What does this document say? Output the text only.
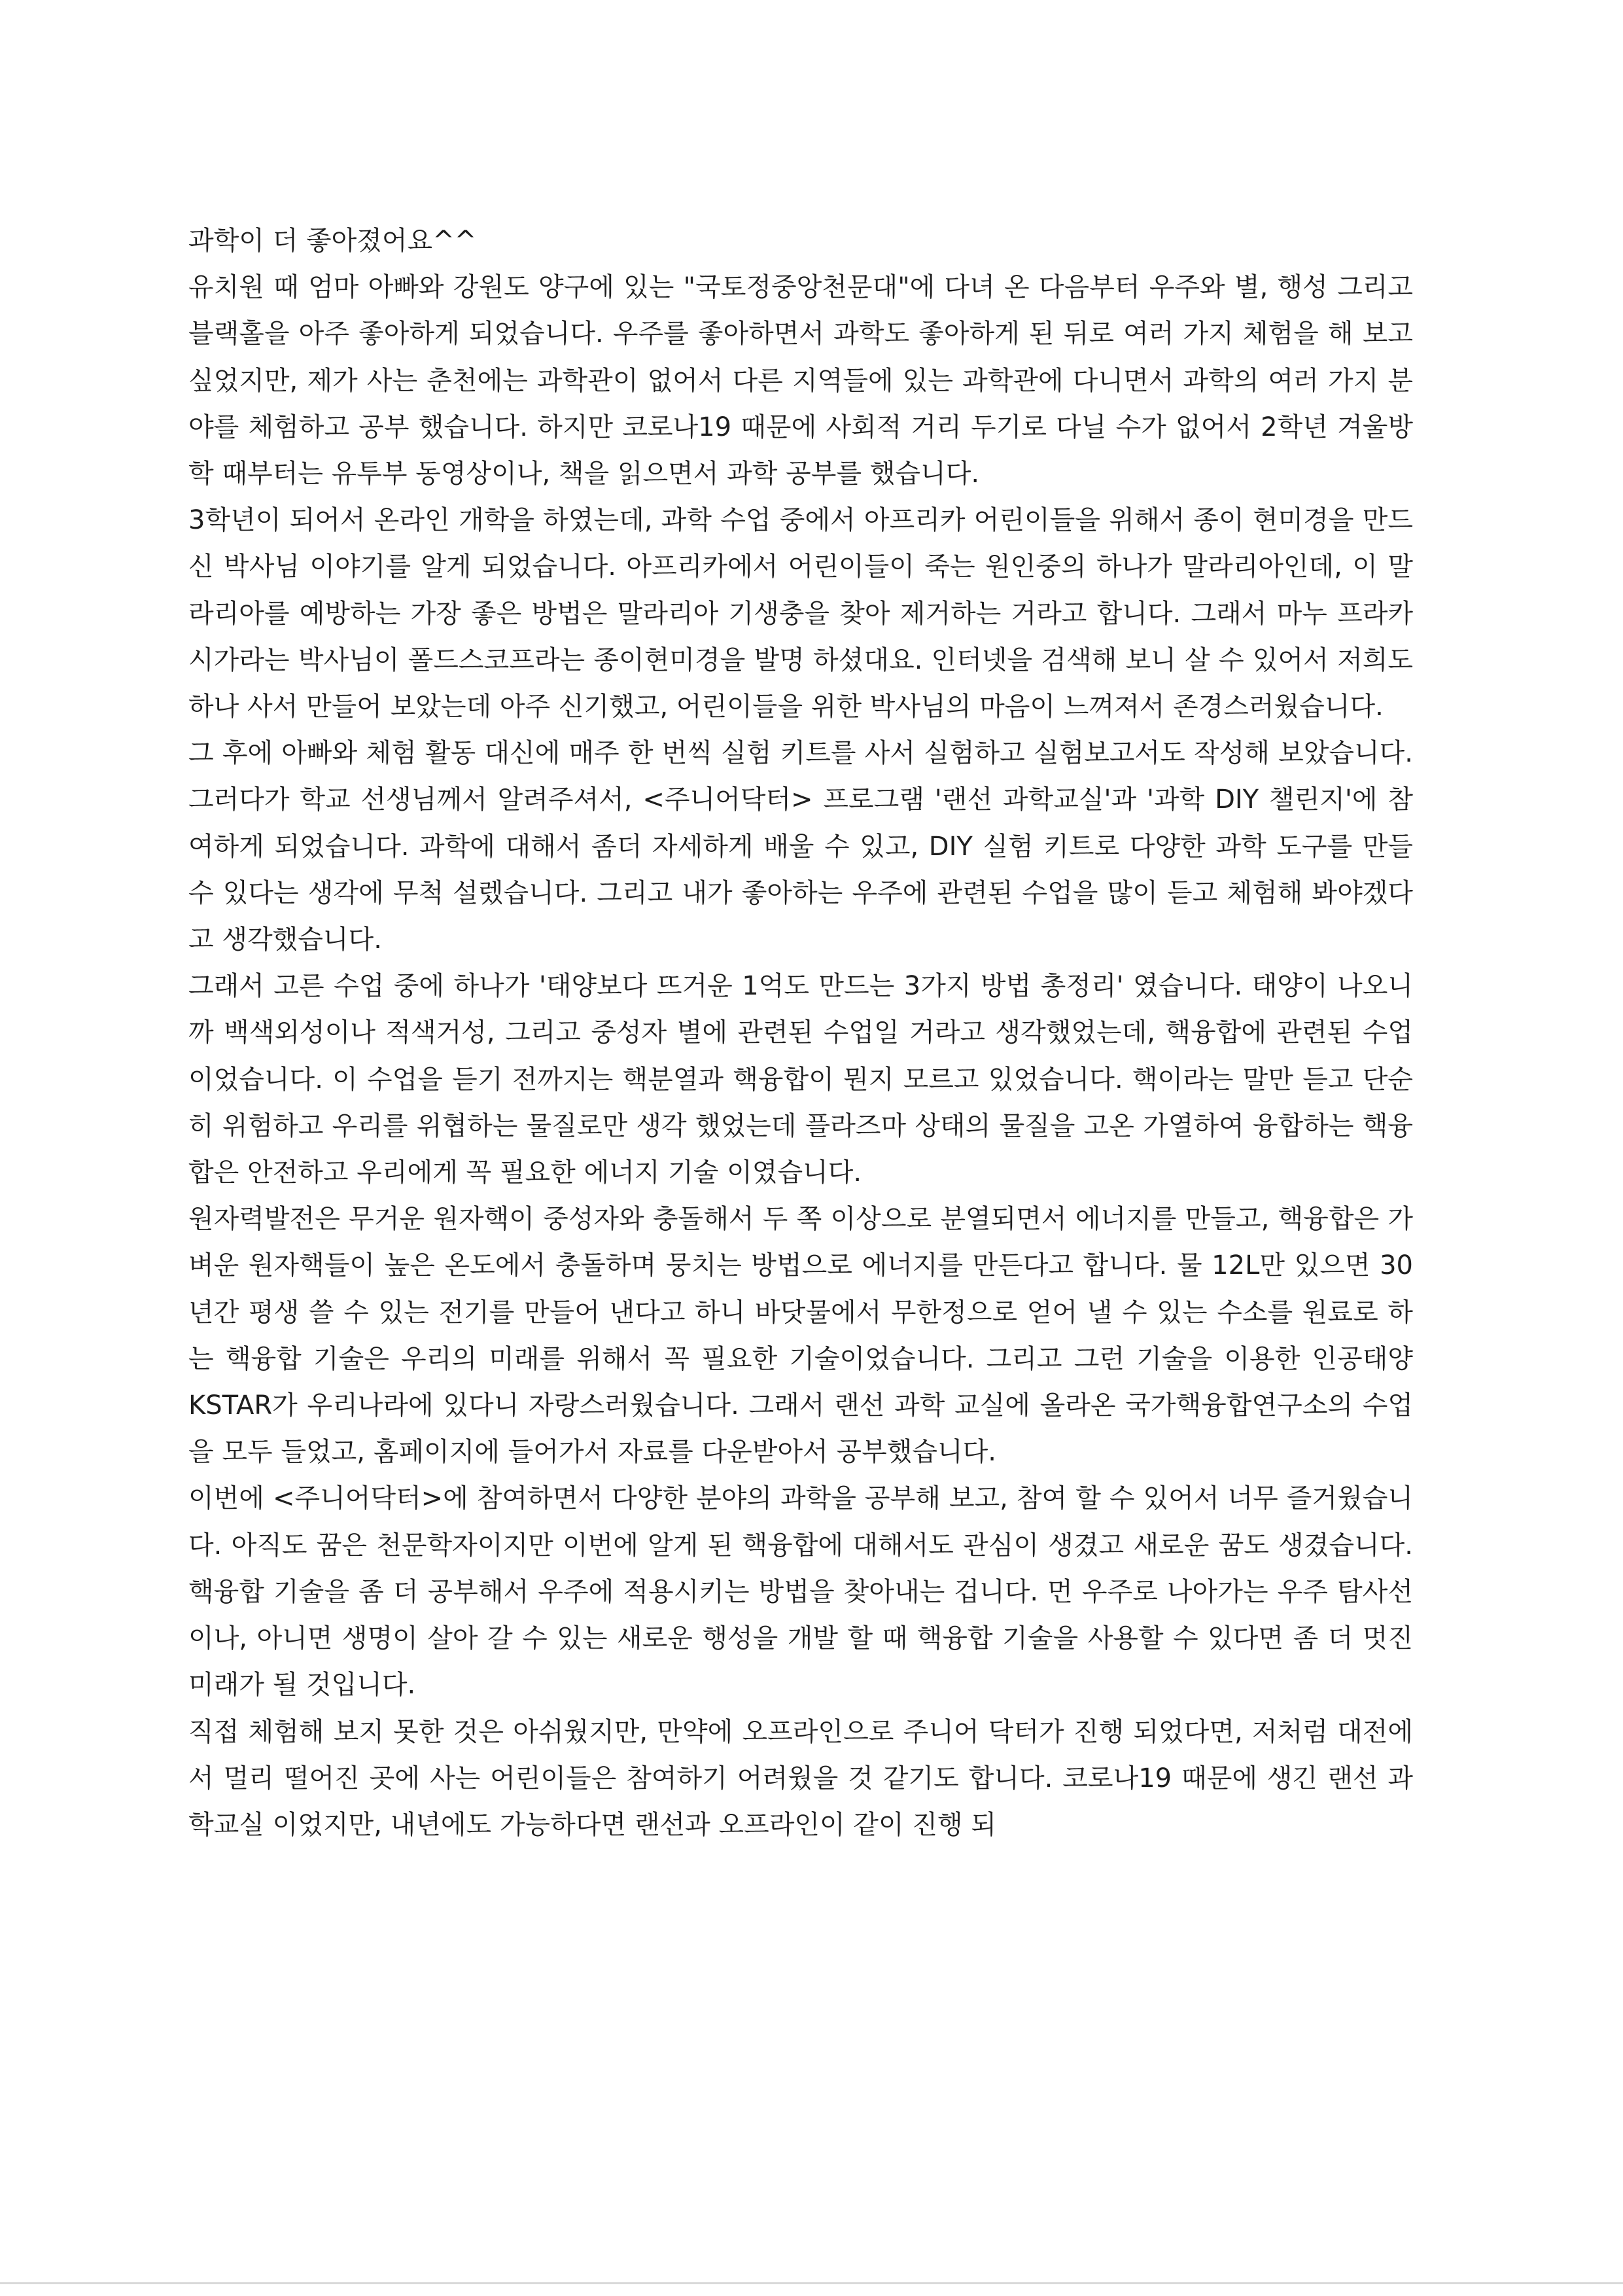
과학이 더 좋아졌어요^^

유치원 때 엄마 아빠와 강원도 양구에 있는 "국토정중앙천문대"에 다녀 온 다음부터 우주와 별, 행성 그리고 블랙홀을 아주 좋아하게 되었습니다. 우주를 좋아하면서 과학도 좋아하게 된 뒤로 여러 가지 체험을 해 보고 싶었지만, 제가 사는 춘천에는 과학관이 없어서 다른 지역들에 있는 과학관에 다니면서 과학의 여러 가지 분야를 체험하고 공부 했습니다. 하지만 코로나19 때문에 사회적 거리 두기로 다닐 수가 없어서 2학년 겨울방학 때부터는 유투부 동영상이나, 책을 읽으면서 과학 공부를 했습니다.

3학년이 되어서 온라인 개학을 하였는데, 과학 수업 중에서 아프리카 어린이들을 위해서 종이 현미경을 만드신 박사님 이야기를 알게 되었습니다. 아프리카에서 어린이들이 죽는 원인중의 하나가 말라리아인데, 이 말라리아를 예방하는 가장 좋은 방법은 말라리아 기생충을 찾아 제거하는 거라고 합니다. 그래서 마누 프라카시가라는 박사님이 폴드스코프라는 종이현미경을 발명 하셨대요. 인터넷을 검색해 보니 살 수 있어서 저희도 하나 사서 만들어 보았는데 아주 신기했고, 어린이들을 위한 박사님의 마음이 느껴져서 존경스러웠습니다.

그 후에 아빠와 체험 활동 대신에 매주 한 번씩 실험 키트를 사서 실험하고 실험보고서도 작성해 보았습니다. 그러다가 학교 선생님께서 알려주셔서, <주니어닥터> 프로그램 '랜선 과학교실'과 '과학 DIY 챌린지'에 참여하게 되었습니다. 과학에 대해서 좀더 자세하게 배울 수 있고, DIY 실험 키트로 다양한 과학 도구를 만들 수 있다는 생각에 무척 설렜습니다. 그리고 내가 좋아하는 우주에 관련된 수업을 많이 듣고 체험해 봐야겠다고 생각했습니다.

그래서 고른 수업 중에 하나가 '태양보다 뜨거운 1억도 만드는 3가지 방법 총정리' 였습니다. 태양이 나오니까 백색외성이나 적색거성, 그리고 중성자 별에 관련된 수업일 거라고 생각했었는데, 핵융합에 관련된 수업이었습니다. 이 수업을 듣기 전까지는 핵분열과 핵융합이 뭔지 모르고 있었습니다. 핵이라는 말만 듣고 단순히 위험하고 우리를 위협하는 물질로만 생각 했었는데 플라즈마 상태의 물질을 고온 가열하여 융합하는 핵융합은 안전하고 우리에게 꼭 필요한 에너지 기술 이였습니다.

원자력발전은 무거운 원자핵이 중성자와 충돌해서 두 쪽 이상으로 분열되면서 에너지를 만들고, 핵융합은 가벼운 원자핵들이 높은 온도에서 충돌하며 뭉치는 방법으로 에너지를 만든다고 합니다. 물 12L만 있으면 30년간 평생 쓸 수 있는 전기를 만들어 낸다고 하니 바닷물에서 무한정으로 얻어 낼 수 있는 수소를 원료로 하는 핵융합 기술은 우리의 미래를 위해서 꼭 필요한 기술이었습니다. 그리고 그런 기술을 이용한 인공태양 KSTAR가 우리나라에 있다니 자랑스러웠습니다. 그래서 랜선 과학 교실에 올라온 국가핵융합연구소의 수업을 모두 들었고, 홈페이지에 들어가서 자료를 다운받아서 공부했습니다.

이번에 <주니어닥터>에 참여하면서 다양한 분야의 과학을 공부해 보고, 참여 할 수 있어서 너무 즐거웠습니다. 아직도 꿈은 천문학자이지만 이번에 알게 된 핵융합에 대해서도 관심이 생겼고 새로운 꿈도 생겼습니다. 핵융합 기술을 좀 더 공부해서 우주에 적용시키는 방법을 찾아내는 겁니다. 먼 우주로 나아가는 우주 탐사선이나, 아니면 생명이 살아 갈 수 있는 새로운 행성을 개발 할 때 핵융합 기술을 사용할 수 있다면 좀 더 멋진 미래가 될 것입니다.

직접 체험해 보지 못한 것은 아쉬웠지만, 만약에 오프라인으로 주니어 닥터가 진행 되었다면, 저처럼 대전에서 멀리 떨어진 곳에 사는 어린이들은 참여하기 어려웠을 것 같기도 합니다. 코로나19 때문에 생긴 랜선 과학교실 이었지만, 내년에도 가능하다면 랜선과 오프라인이 같이 진행 되
